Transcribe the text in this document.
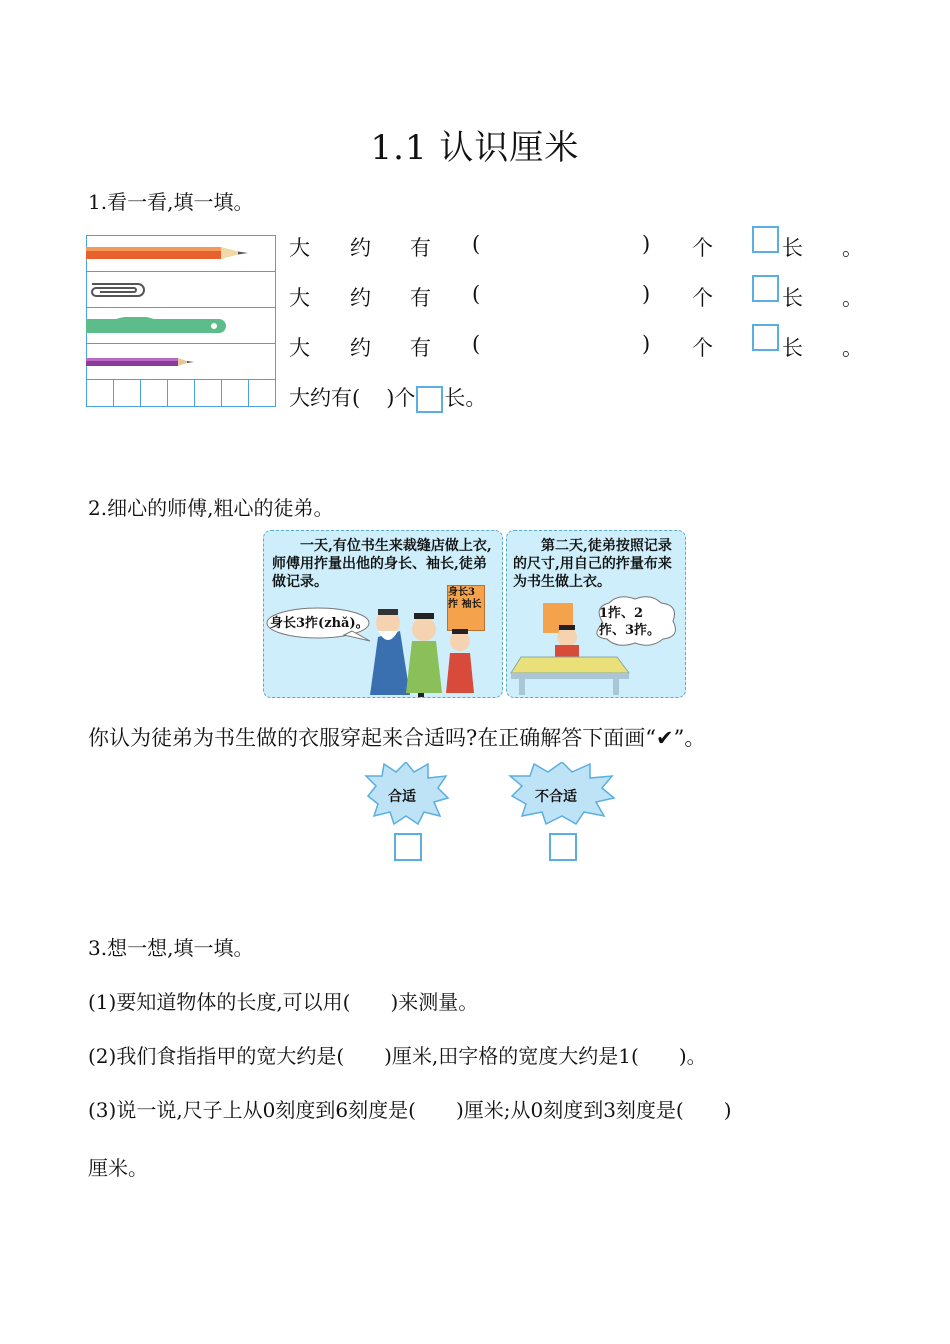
1.1 认识厘米
1.看一看,填一填。
大 约 有 (	) 个	长 。
大 约 有 (	) 个	长 。
大 约 有 (	) 个	长 。
大约有( )个 长。
2.细心的师傅,粗心的徒弟。
一天,有位书生来裁缝店做上衣,师傅用拃量出他的身长、袖长,徒弟做记录。
身长3拃(zhǎ)。
身长3拃 袖长
第二天,徒弟按照记录的尺寸,用自己的拃量布来为书生做上衣。
1拃、2拃、3拃。
你认为徒弟为书生做的衣服穿起来合适吗?在正确解答下面画“✔”。
合适	不合适
3.想一想,填一填。
(1)要知道物体的长度,可以用(　　)来测量。
(2)我们食指指甲的宽大约是(　　)厘米,田字格的宽度大约是1(　　)。
(3)说一说,尺子上从0刻度到6刻度是(　　)厘米;从0刻度到3刻度是(　　)
厘米。
